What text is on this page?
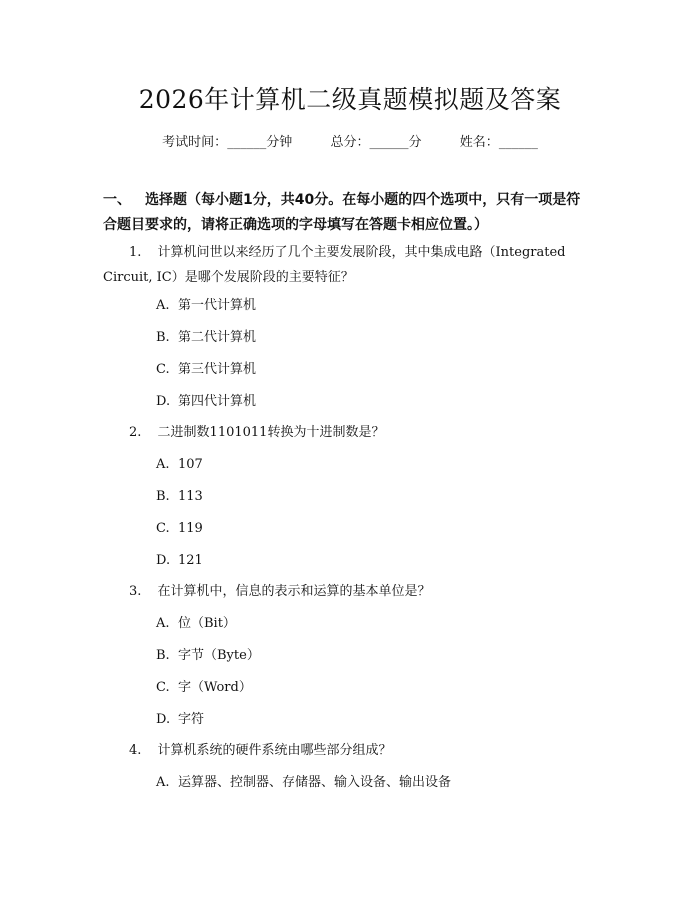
2026年计算机二级真题模拟题及答案
考试时间：______分钟	总分：______分	姓名：______
一、 选择题（每小题1分，共40分。在每小题的四个选项中，只有一项是符合题目要求的，请将正确选项的字母填写在答题卡相应位置。）
1. 计算机问世以来经历了几个主要发展阶段，其中集成电路（Integrated Circuit, IC）是哪个发展阶段的主要特征？
A. 第一代计算机
B. 第二代计算机
C. 第三代计算机
D. 第四代计算机
2. 二进制数1101011转换为十进制数是？
A. 107
B. 113
C. 119
D. 121
3. 在计算机中，信息的表示和运算的基本单位是？
A. 位（Bit）
B. 字节（Byte）
C. 字（Word）
D. 字符
4. 计算机系统的硬件系统由哪些部分组成？
A. 运算器、控制器、存储器、输入设备、输出设备
